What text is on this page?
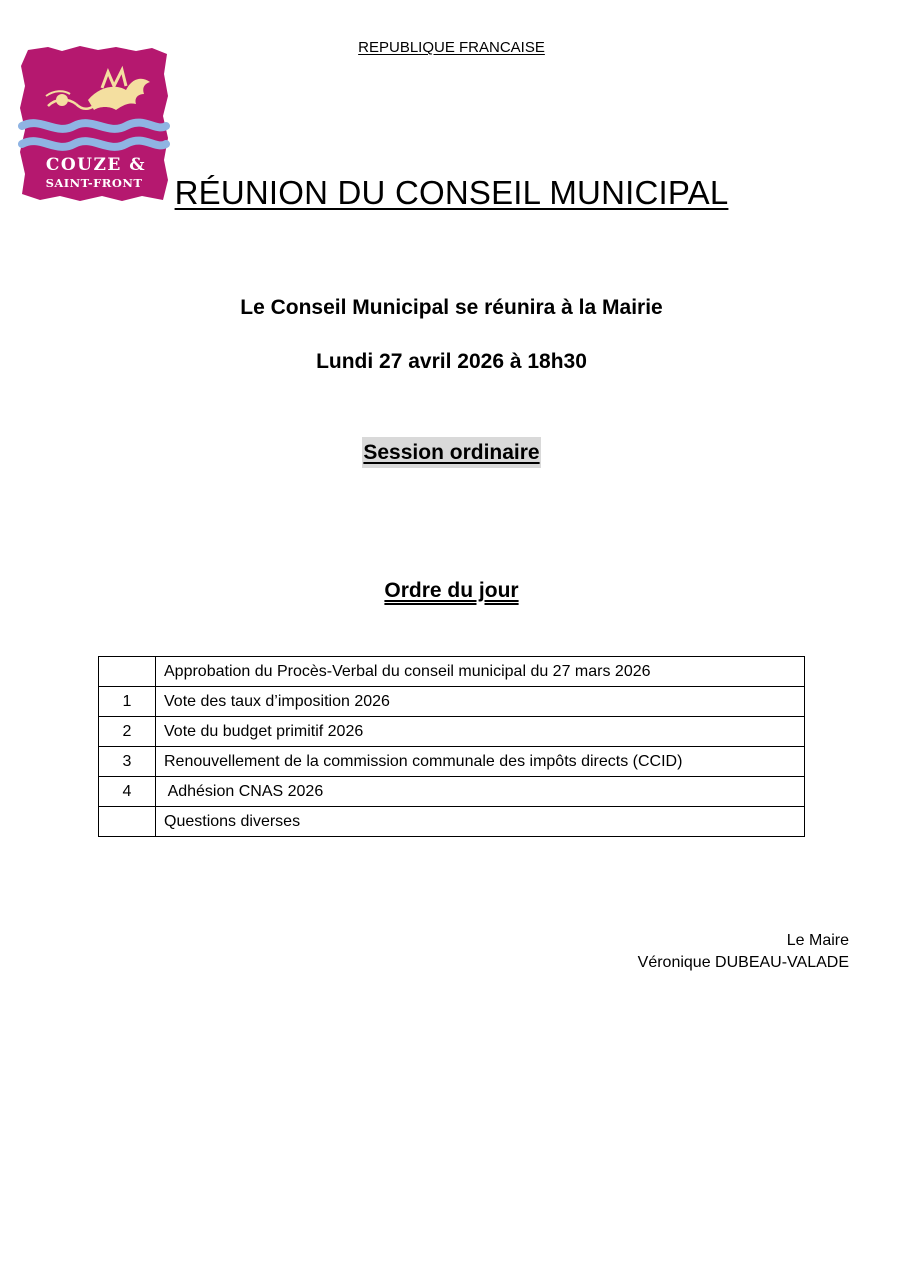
REPUBLIQUE FRANCAISE
COUZE &
SAINT-FRONT RÉUNION DU CONSEIL MUNICIPAL
Le Conseil Municipal se réunira à la Mairie
Lundi 27 avril 2026 à 18h30
Session ordinaire
Ordre du jour
	Approbation du Procès-Verbal du conseil municipal du 27 mars 2026
1	Vote des taux d’imposition 2026
2	Vote du budget primitif 2026
3	Renouvellement de la commission communale des impôts directs (CCID)
4	Adhésion CNAS 2026
	Questions diverses
Le Maire
Véronique DUBEAU-VALADE
